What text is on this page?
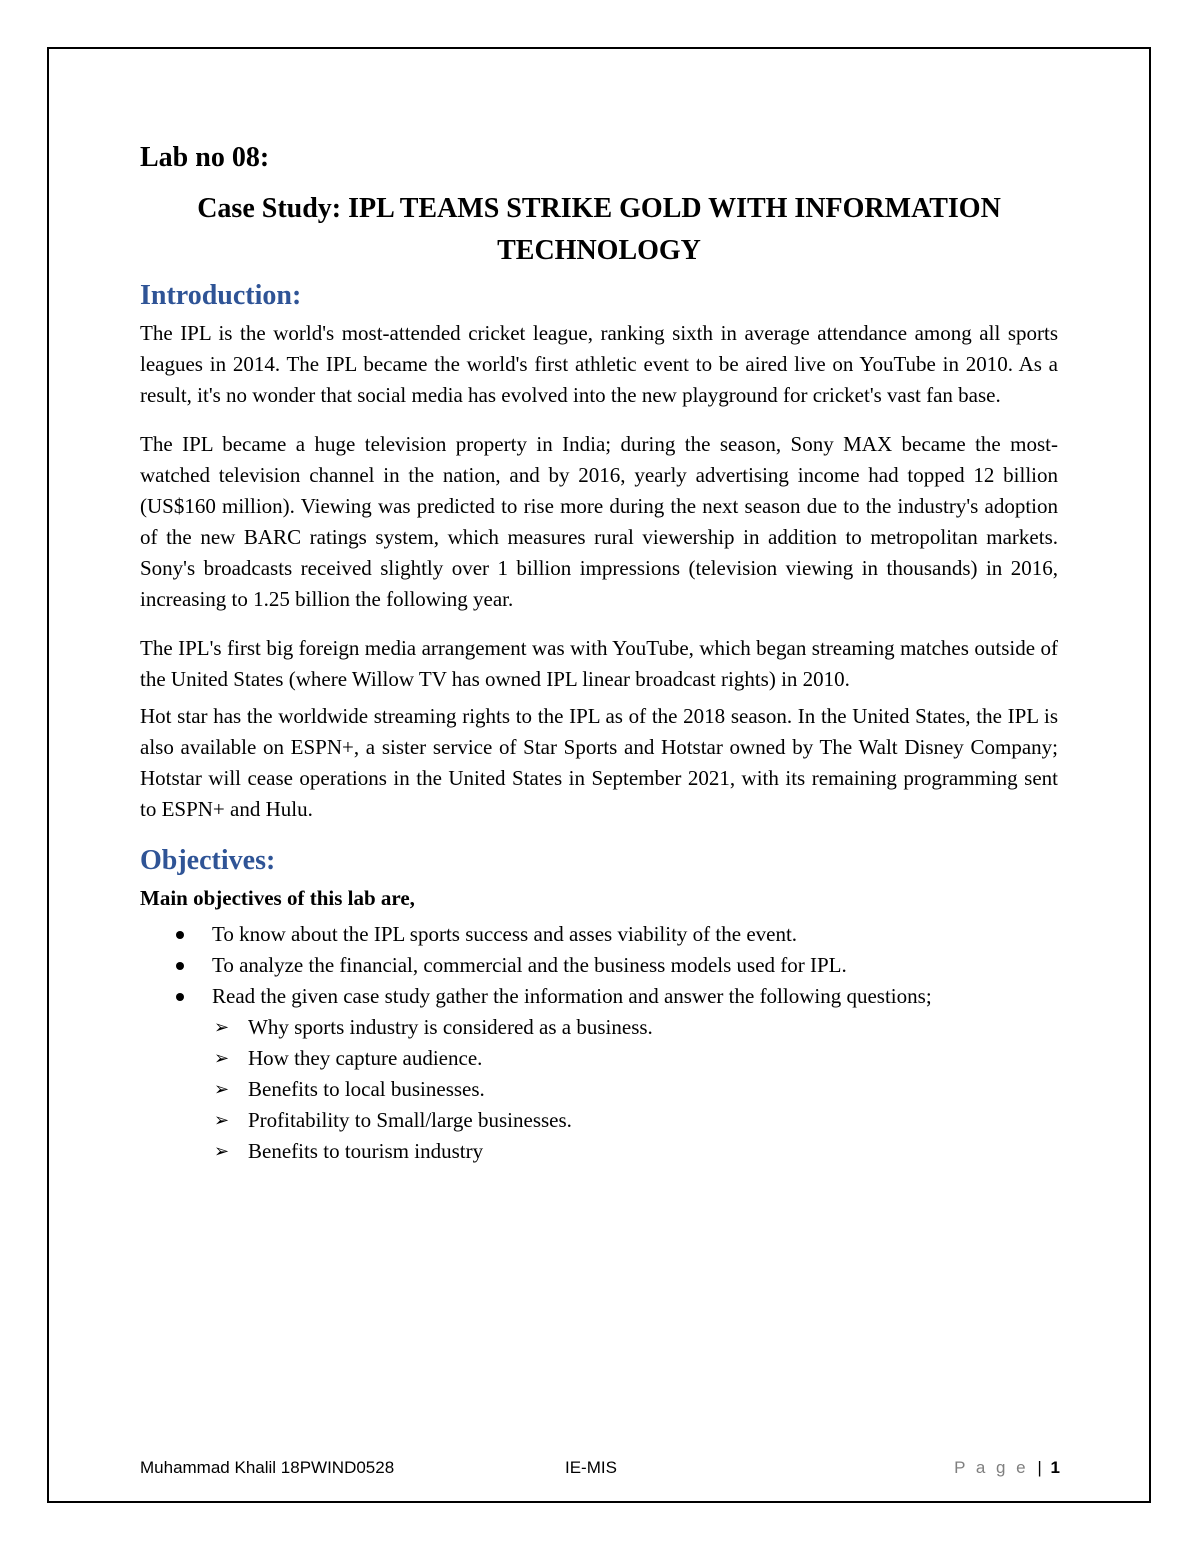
Lab no 08:
Case Study: IPL TEAMS STRIKE GOLD WITH INFORMATION
TECHNOLOGY
Introduction:

The IPL is the world's most-attended cricket league, ranking sixth in average attendance among all sports leagues in 2014. The IPL became the world's first athletic event to be aired live on YouTube in 2010. As a result, it's no wonder that social media has evolved into the new playground for cricket's vast fan base.

The IPL became a huge television property in India; during the season, Sony MAX became the most-watched television channel in the nation, and by 2016, yearly advertising income had topped 12 billion (US$160 million). Viewing was predicted to rise more during the next season due to the industry's adoption of the new BARC ratings system, which measures rural viewership in addition to metropolitan markets. Sony's broadcasts received slightly over 1 billion impressions (television viewing in thousands) in 2016, increasing to 1.25 billion the following year.

The IPL's first big foreign media arrangement was with YouTube, which began streaming matches outside of the United States (where Willow TV has owned IPL linear broadcast rights) in 2010.

Hot star has the worldwide streaming rights to the IPL as of the 2018 season. In the United States, the IPL is also available on ESPN+, a sister service of Star Sports and Hotstar owned by The Walt Disney Company; Hotstar will cease operations in the United States in September 2021, with its remaining programming sent to ESPN+ and Hulu.

Objectives:
Main objectives of this lab are,
To know about the IPL sports success and asses viability of the event.
To analyze the financial, commercial and the business models used for IPL.
Read the given case study gather the information and answer the following questions;
➢ Why sports industry is considered as a business.
➢ How they capture audience.
➢ Benefits to local businesses.
➢ Profitability to Small/large businesses.
➢ Benefits to tourism industry
Muhammad Khalil 18PWIND0528	IE-MIS	P a g e | 1
